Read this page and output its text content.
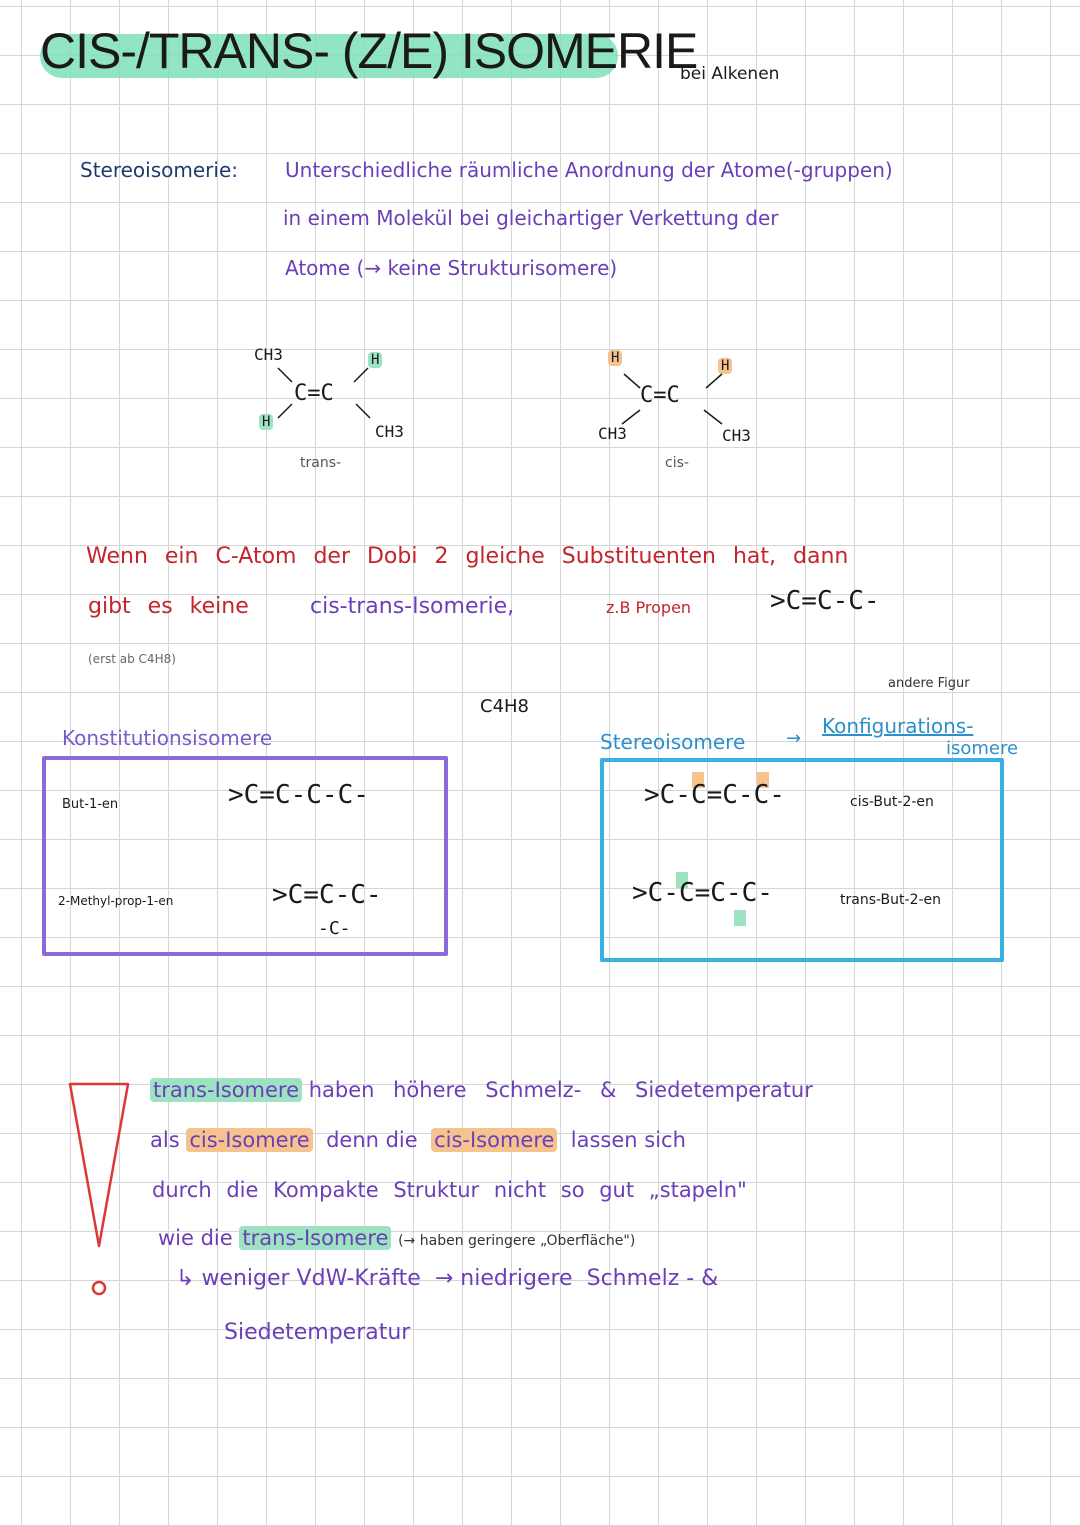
CIS-/TRANS- (Z/E) ISOMERIE
bei Alkenen
Stereoisomerie: Unterschiedliche räumliche Anordnung der Atome(-gruppen)
in einem Molekül bei gleichartiger Verkettung der
Atome (→ keine Strukturisomere)
CH3	H
C=C
H	CH3
trans-
H	H
C=C
CH3	CH3
cis-
Wenn ein C-Atom der Dobi 2 gleiche Substituenten hat, dann
gibt es keine	cis-trans-Isomerie,	z.B Propen	>C=C-C-
(erst ab C4H8)
C4H8
Konstitutionsisomere
But-1-en	>C=C-C-C-
2-Methyl-prop-1-en	>C=C-C-
-C-
Stereoisomere →
Konfigurations-
isomere
andere Figur
>C-C=C-C-	cis-But-2-en
>C-C=C-C-	trans-But-2-en
trans-Isomere haben höhere Schmelz- & Siedetemperatur
als cis-Isomere denn die cis-Isomere lassen sich
durch die Kompakte Struktur nicht so gut „stapeln"
wie die trans-Isomere (→ haben geringere „Oberfläche")
↳ weniger VdW-Kräfte → niedrigere Schmelz - &
Siedetemperatur
